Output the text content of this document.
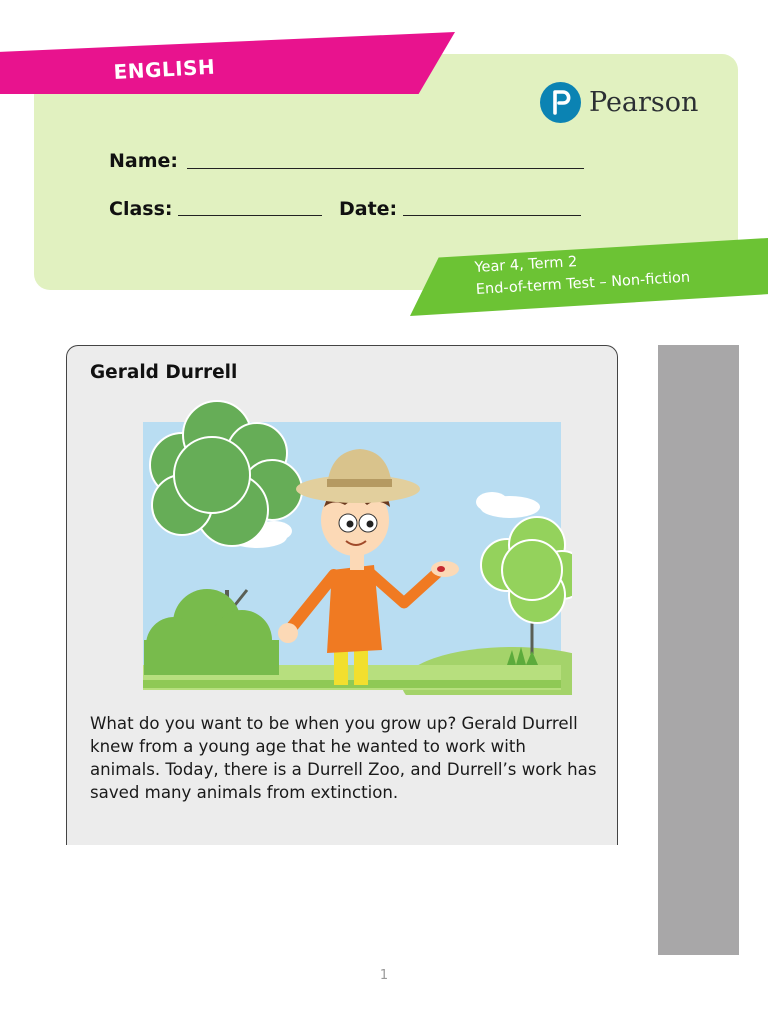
ENGLISH
Pearson
Name:
Class:	Date:
Year 4, Term 2
End-of-term Test – Non-fiction
Gerald Durrell

What do you want to be when you grow up? Gerald Durrell knew from a young age that he wanted to work with animals. Today, there is a Durrell Zoo, and Durrell’s work has saved many animals from extinction.

1
